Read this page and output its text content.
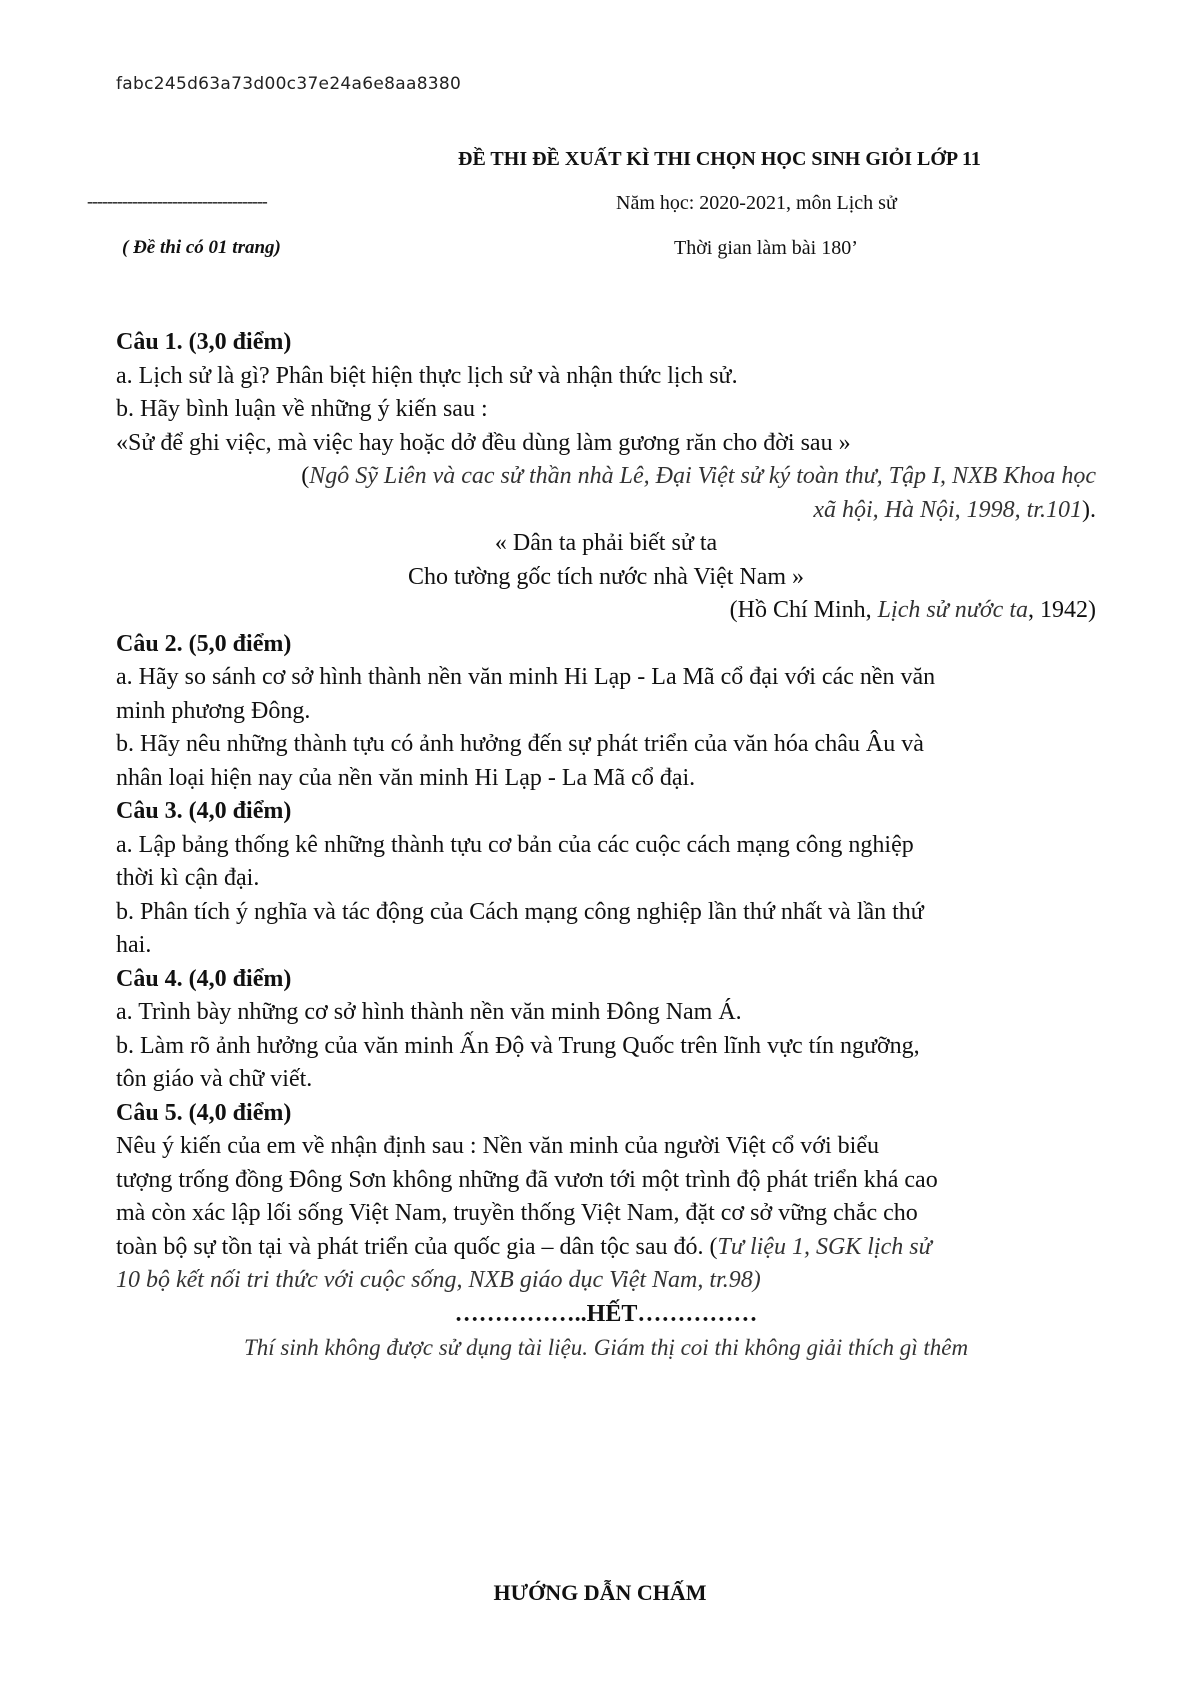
fabc245d63a73d00c37e24a6e8aa8380
ĐỀ THI ĐỀ XUẤT KÌ THI CHỌN HỌC SINH GIỎI LỚP 11
------------------------------------	Năm học: 2020-2021, môn Lịch sử
( Đề thi có 01 trang)	Thời gian làm bài 180’

Câu 1. (3,0 điểm)

a. Lịch sử là gì? Phân biệt hiện thực lịch sử và nhận thức lịch sử.

b. Hãy bình luận về những ý kiến sau :

«Sử để ghi việc, mà việc hay hoặc dở đều dùng làm gương răn cho đời sau »

(Ngô Sỹ Liên và cac sử thần nhà Lê, Đại Việt sử ký toàn thư, Tập I, NXB Khoa học

xã hội, Hà Nội, 1998, tr.101).

« Dân ta phải biết sử ta

Cho tường gốc tích nước nhà Việt Nam »

(Hồ Chí Minh, Lịch sử nước ta, 1942)

Câu 2. (5,0 điểm)

a. Hãy so sánh cơ sở hình thành nền văn minh Hi Lạp - La Mã cổ đại với các nền văn

minh phương Đông.

b. Hãy nêu những thành tựu có ảnh hưởng đến sự phát triển của văn hóa châu Âu và

nhân loại hiện nay của nền văn minh Hi Lạp - La Mã cổ đại.

Câu 3. (4,0 điểm)

a. Lập bảng thống kê những thành tựu cơ bản của các cuộc cách mạng công nghiệp

thời kì cận đại.

b. Phân tích ý nghĩa và tác động của Cách mạng công nghiệp lần thứ nhất và lần thứ

hai.

Câu 4. (4,0 điểm)

a. Trình bày những cơ sở hình thành nền văn minh Đông Nam Á.

b. Làm rõ ảnh hưởng của văn minh Ấn Độ và Trung Quốc trên lĩnh vực tín ngưỡng,

tôn giáo và chữ viết.

Câu 5. (4,0 điểm)

Nêu ý kiến của em về nhận định sau : Nền văn minh của người Việt cổ với biểu

tượng trống đồng Đông Sơn không những đã vươn tới một trình độ phát triển khá cao

mà còn xác lập lối sống Việt Nam, truyền thống Việt Nam, đặt cơ sở vững chắc cho

toàn bộ sự tồn tại và phát triển của quốc gia – dân tộc sau đó. (Tư liệu 1, SGK lịch sử

10 bộ kết nối tri thức với cuộc sống, NXB giáo dục Việt Nam, tr.98)

……………..HẾT……………

Thí sinh không được sử dụng tài liệu. Giám thị coi thi không giải thích gì thêm

HƯỚNG DẪN CHẤM
